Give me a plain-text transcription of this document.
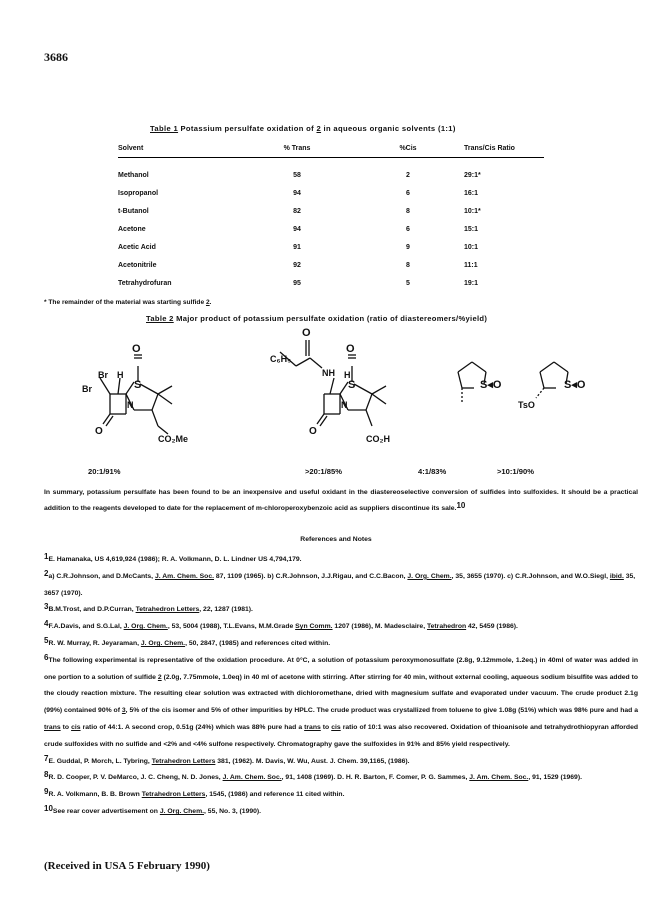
3686
Table 1 Potassium persulfate oxidation of 2 in aqueous organic solvents (1:1)
Solvent	% Trans	%Cis	Trans/Cis Ratio
Methanol	58	2	29:1*
Isopropanol	94	6	16:1
t-Butanol	82	8	10:1*
Acetone	94	6	15:1
Acetic Acid	91	9	10:1
Acetonitrile	92	8	11:1
Tetrahydrofuran	95	5	19:1
* The remainder of the material was starting sulfide 2.
Table 2 Major product of potassium persulfate oxidation (ratio of diastereomers/%yield)
O
S
N
Br
Br
H
O
CO₂Me
C₆H₅
O
NH
O
S
N
H
O
CO₂H
S◂O	S◂O
TsO
20:1/91%	>20:1/85%	4:1/83%	>10:1/90%
In summary, potassium persulfate has been found to be an inexpensive and useful oxidant in the diastereoselective conversion of sulfides into sulfoxides. It should be a practical addition to the reagents developed to date for the replacement of m-chloroperoxybenzoic acid as suppliers discontinue its sale.$^{10}$
References and Notes
$^1$E. Hamanaka, US 4,619,924 (1986); R. A. Volkmann, D. L. Lindner US 4,794,179.
$^2$a) C.R.Johnson, and D.McCants, J. Am. Chem. Soc. 87, 1109 (1965). b) C.R.Johnson, J.J.Rigau, and C.C.Bacon, J. Org. Chem., 35, 3655 (1970). c) C.R.Johnson, and W.O.Siegl, ibid. 35, 3657 (1970).
$^3$B.M.Trost, and D.P.Curran, Tetrahedron Letters, 22, 1287 (1981).
$^4$F.A.Davis, and S.G.Lal, J. Org. Chem., 53, 5004 (1988), T.L.Evans, M.M.Grade Syn Comm. 1207 (1986), M. Madesclaire, Tetrahedron 42, 5459 (1986).
$^5$R. W. Murray, R. Jeyaraman, J. Org. Chem., 50, 2847, (1985) and references cited within.
$^6$The following experimental is representative of the oxidation procedure. At 0°C, a solution of potassium peroxymonosulfate (2.8g, 9.12mmole, 1.2eq.) in 40ml of water was added in one portion to a solution of sulfide 2 (2.0g, 7.75mmole, 1.0eq) in 40 ml of acetone with stirring. After stirring for 40 min, without external cooling, aqueous sodium bisulfite was added to the cloudy reaction mixture. The resulting clear solution was extracted with dichloromethane, dried with magnesium sulfate and evaporated under vacuum. The crude product 2.1g (99%) contained 90% of 3, 5% of the cis isomer and 5% of other impurities by HPLC. The crude product was crystallized from toluene to give 1.08g (51%) which was 98% pure and had a trans to cis ratio of 44:1. A second crop, 0.51g (24%) which was 88% pure had a trans to cis ratio of 10:1 was also recovered. Oxidation of thioanisole and tetrahydrothiopyran afforded crude sulfoxides with no sulfide and <2% and <4% sulfone respectively. Chromatography gave the sulfoxides in 91% and 85% yield respectively.
$^7$E. Guddal, P. Morch, L. Tybring, Tetrahedron Letters 381, (1962). M. Davis, W. Wu, Aust. J. Chem. 39,1165, (1986).
$^8$R. D. Cooper, P. V. DeMarco, J. C. Cheng, N. D. Jones, J. Am. Chem. Soc., 91, 1408 (1969). D. H. R. Barton, F. Comer, P. G. Sammes, J. Am. Chem. Soc., 91, 1529 (1969).
$^9$R. A. Volkmann, B. B. Brown Tetrahedron Letters, 1545, (1986) and reference 11 cited within.
$^{10}$See rear cover advertisement on J. Org. Chem., 55, No. 3, (1990).
(Received in USA 5 February 1990)
